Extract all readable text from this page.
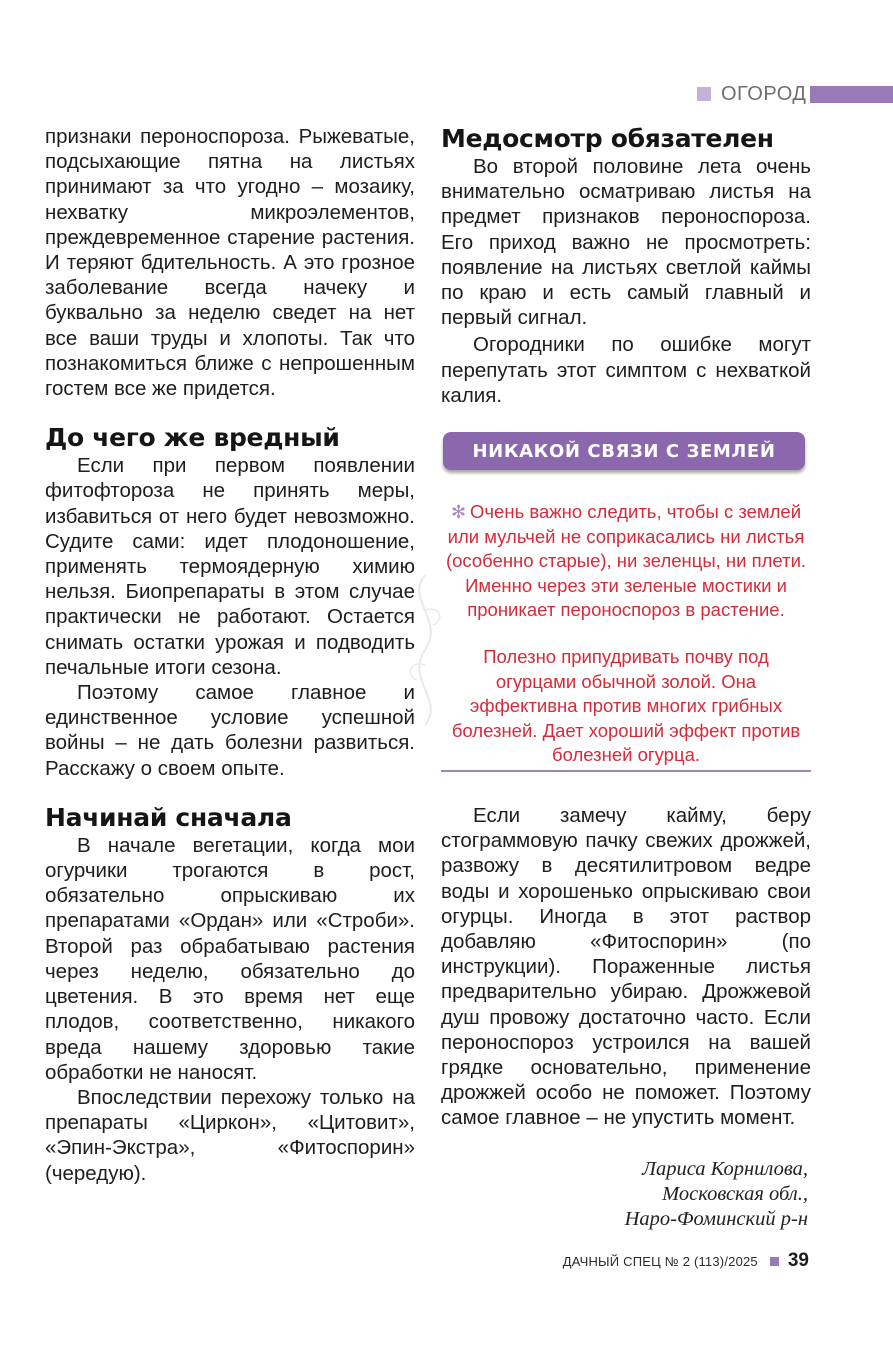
ОГОРОД

признаки пероноспороза. Рыжеватые, подсыхающие пятна на листьях принимают за что угодно – мозаику, нехватку микроэлементов, преждевременное старение растения. И теряют бдительность. А это грозное заболевание всегда начеку и буквально за неделю сведет на нет все ваши труды и хлопоты. Так что познакомиться ближе с непрошенным гостем все же придется.

До чего же вредный

Если при первом появлении фитофтороза не принять меры, избавиться от него будет невозможно. Судите сами: идет плодоношение, применять термоядерную химию нельзя. Биопрепараты в этом случае практически не работают. Остается снимать остатки урожая и подводить печальные итоги сезона.

Поэтому самое главное и единственное условие успешной войны – не дать болезни развиться. Расскажу о своем опыте.

Начинай сначала

В начале вегетации, когда мои огурчики трогаются в рост, обязательно опрыскиваю их препаратами «Ордан» или «Строби». Второй раз обрабатываю растения через неделю, обязательно до цветения. В это время нет еще плодов, соответственно, никакого вреда нашему здоровью такие обработки не наносят.

Впоследствии перехожу только на препараты «Циркон», «Цитовит», «Эпин-Экстра», «Фитоспорин» (чередую).

Медосмотр обязателен

Во второй половине лета очень внимательно осматриваю листья на предмет признаков пероноспороза. Его приход важно не просмотреть: появление на листьях светлой каймы по краю и есть самый главный и первый сигнал.

Огородники по ошибке могут перепутать этот симптом с нехваткой калия.

НИКАКОЙ СВЯЗИ С ЗЕМЛЕЙ
✻ Очень важно следить, чтобы с землей или мульчей не соприкасались ни листья (особенно старые), ни зеленцы, ни плети. Именно через эти зеленые мостики и проникает пероноспороз в растение.
Полезно припудривать почву под огурцами обычной золой. Она эффективна против многих грибных болезней. Дает хороший эффект против болезней огурца.

Если замечу кайму, беру стограммовую пачку свежих дрожжей, развожу в десятилитровом ведре воды и хорошенько опрыскиваю свои огурцы. Иногда в этот раствор добавляю «Фитоспорин» (по инструкции). Пораженные листья предварительно убираю. Дрожжевой душ провожу достаточно часто. Если пероноспороз устроился на вашей грядке основательно, применение дрожжей особо не поможет. Поэтому самое главное – не упустить момент.

Лариса Корнилова,
Московская обл.,
Наро-Фоминский р-н
ДАЧНЫЙ СПЕЦ № 2 (113)/2025 39
